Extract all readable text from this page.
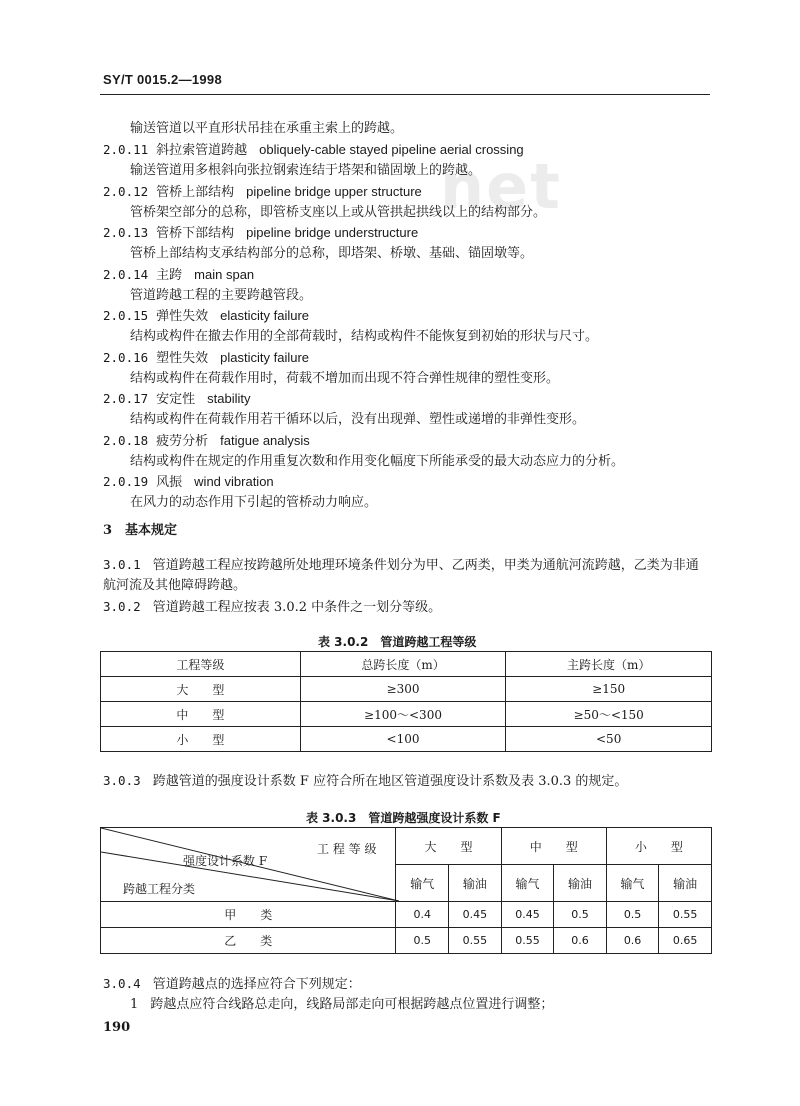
SY/T 0015.2—1998
net
输送管道以平直形状吊挂在承重主索上的跨越。
2.0.11 斜拉索管道跨越 obliquely-cable stayed pipeline aerial crossing
输送管道用多根斜向张拉钢索连结于塔架和锚固墩上的跨越。
2.0.12 管桥上部结构 pipeline bridge upper structure
管桥架空部分的总称，即管桥支座以上或从管拱起拱线以上的结构部分。
2.0.13 管桥下部结构 pipeline bridge understructure
管桥上部结构支承结构部分的总称，即塔架、桥墩、基础、锚固墩等。
2.0.14 主跨 main span
管道跨越工程的主要跨越管段。
2.0.15 弹性失效 elasticity failure
结构或构件在撤去作用的全部荷载时，结构或构件不能恢复到初始的形状与尺寸。
2.0.16 塑性失效 plasticity failure
结构或构件在荷载作用时，荷载不增加而出现不符合弹性规律的塑性变形。
2.0.17 安定性 stability
结构或构件在荷载作用若干循环以后，没有出现弹、塑性或递增的非弹性变形。
2.0.18 疲劳分析 fatigue analysis
结构或构件在规定的作用重复次数和作用变化幅度下所能承受的最大动态应力的分析。
2.0.19 风振 wind vibration
在风力的动态作用下引起的管桥动力响应。
3　基本规定
3.0.1 管道跨越工程应按跨越所处地理环境条件划分为甲、乙两类，甲类为通航河流跨越，乙类为非通
航河流及其他障碍跨越。
3.0.2 管道跨越工程应按表 3.0.2 中条件之一划分等级。
表 3.0.2　管道跨越工程等级
工程等级	总跨长度（m）	主跨长度（m）
大　　型	≥300	≥150
中　　型	≥100～<300	≥50～<150
小　　型	<100	<50
3.0.3 跨越管道的强度设计系数 F 应符合所在地区管道强度设计系数及表 3.0.3 的规定。
表 3.0.3　管道跨越强度设计系数 F
工 程 等 级
强度设计系数 F
跨越工程分类	大　　型		中　　型		小　　型	
	输气	输油	输气	输油	输气	输油
甲　　类	0.4	0.45	0.45	0.5	0.5	0.55
乙　　类	0.5	0.55	0.55	0.6	0.6	0.65
3.0.4 管道跨越点的选择应符合下列规定：
1 跨越点应符合线路总走向，线路局部走向可根据跨越点位置进行调整；
190
